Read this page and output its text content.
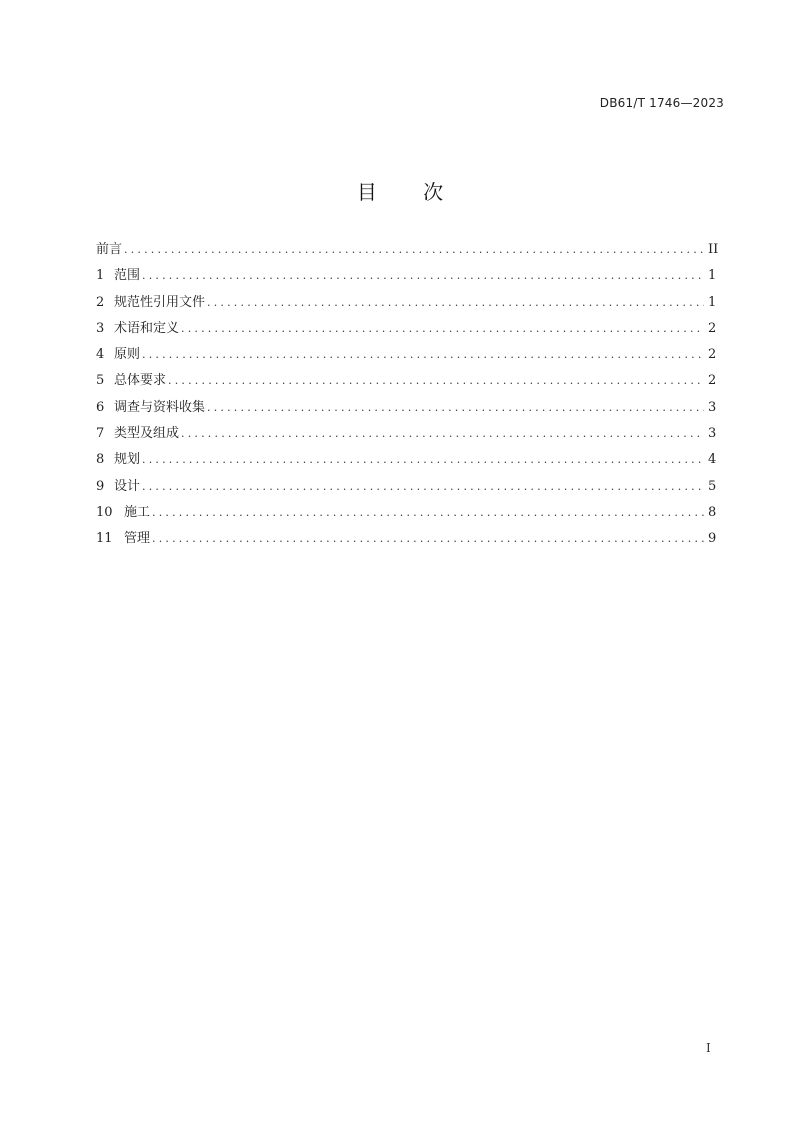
DB61/T 1746—2023
目 次
前言 .....	II
1 范围 .....	1
2 规范性引用文件 .....	1
3 术语和定义 .....	2
4 原则 .....	2
5 总体要求 .....	2
6 调查与资料收集 .....	3
7 类型及组成 .....	3
8 规划 .....	4
9 设计 .....	5
10 施工 .....	8
11 管理 .....	9
I
